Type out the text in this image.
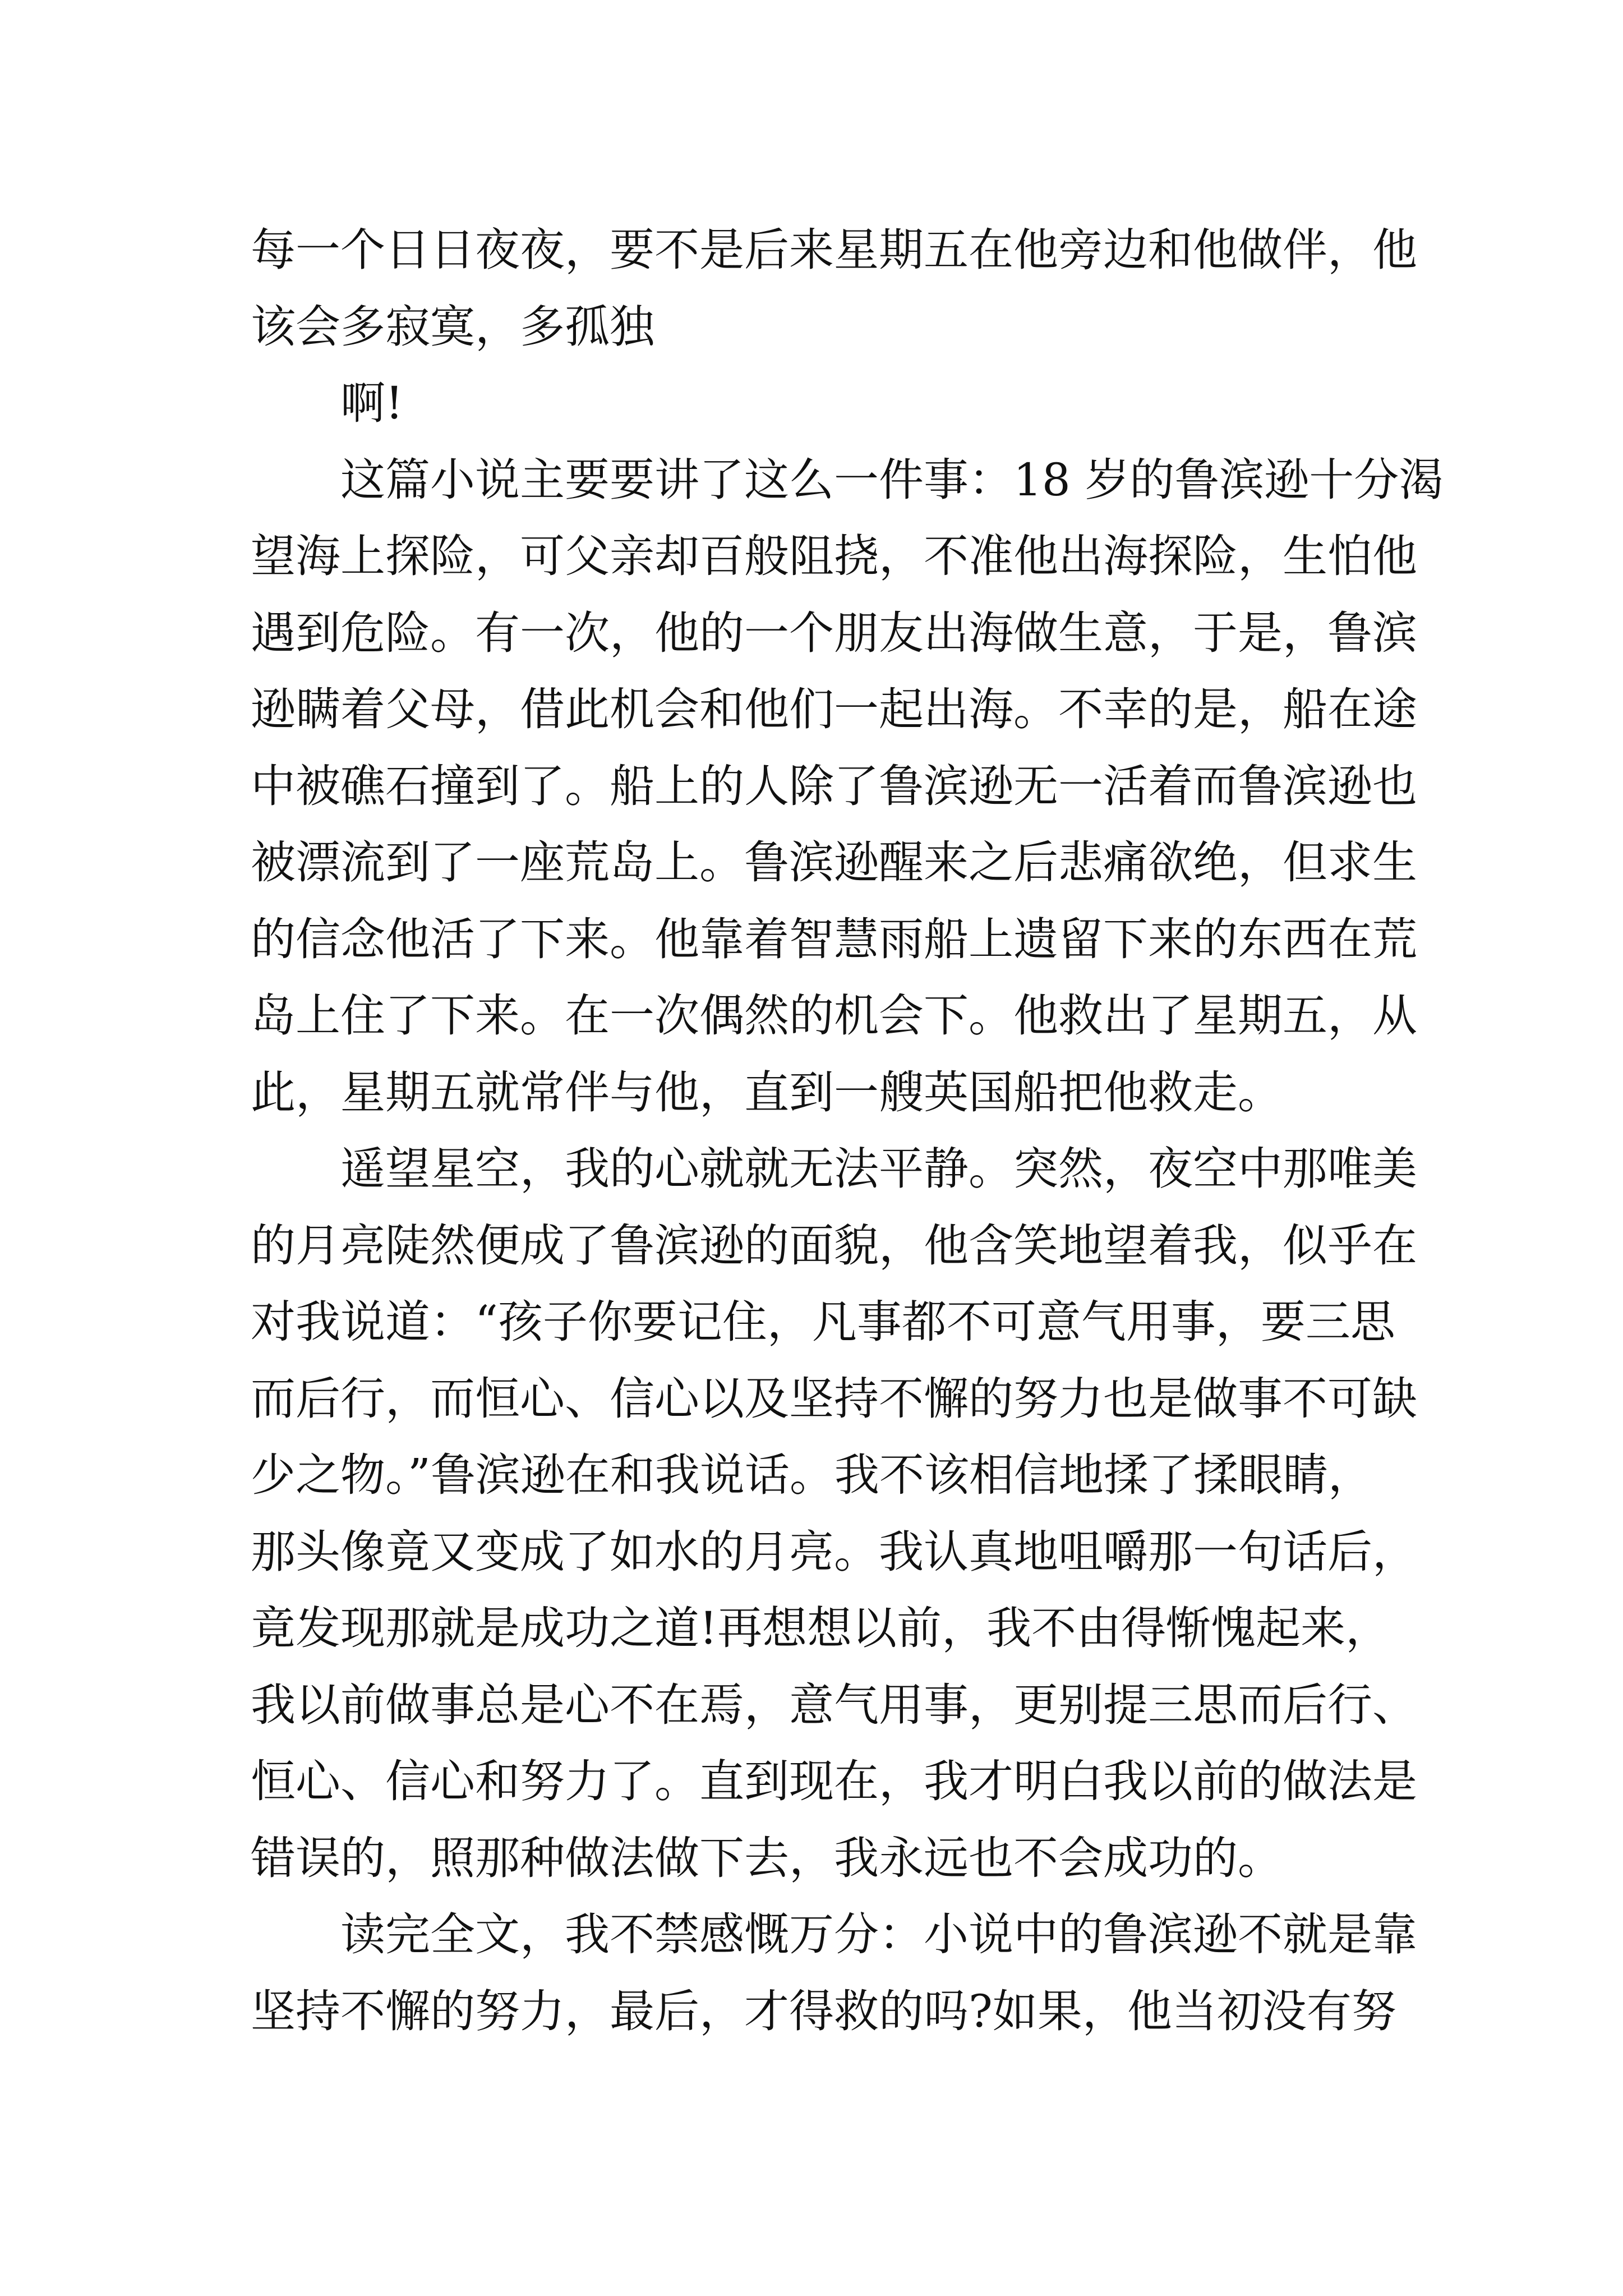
每一个日日夜夜，要不是后来星期五在他旁边和他做伴，他
该会多寂寞，多孤独

啊!

这篇小说主要要讲了这么一件事：18 岁的鲁滨逊十分渴
望海上探险，可父亲却百般阻挠，不准他出海探险，生怕他
遇到危险。有一次，他的一个朋友出海做生意，于是，鲁滨
逊瞒着父母，借此机会和他们一起出海。不幸的是，船在途
中被礁石撞到了。船上的人除了鲁滨逊无一活着而鲁滨逊也
被漂流到了一座荒岛上。鲁滨逊醒来之后悲痛欲绝，但求生
的信念他活了下来。他靠着智慧雨船上遗留下来的东西在荒
岛上住了下来。在一次偶然的机会下。他救出了星期五，从
此，星期五就常伴与他，直到一艘英国船把他救走。

遥望星空，我的心就就无法平静。突然，夜空中那唯美
的月亮陡然便成了鲁滨逊的面貌，他含笑地望着我，似乎在
对我说道：“孩子你要记住，凡事都不可意气用事，要三思
而后行，而恒心、信心以及坚持不懈的努力也是做事不可缺
少之物。”鲁滨逊在和我说话。我不该相信地揉了揉眼睛，
那头像竟又变成了如水的月亮。我认真地咀嚼那一句话后，
竟发现那就是成功之道!再想想以前，我不由得惭愧起来，
我以前做事总是心不在焉，意气用事，更别提三思而后行、
恒心、信心和努力了。直到现在，我才明白我以前的做法是
错误的，照那种做法做下去，我永远也不会成功的。

读完全文，我不禁感慨万分：小说中的鲁滨逊不就是靠
坚持不懈的努力，最后，才得救的吗?如果，他当初没有努
